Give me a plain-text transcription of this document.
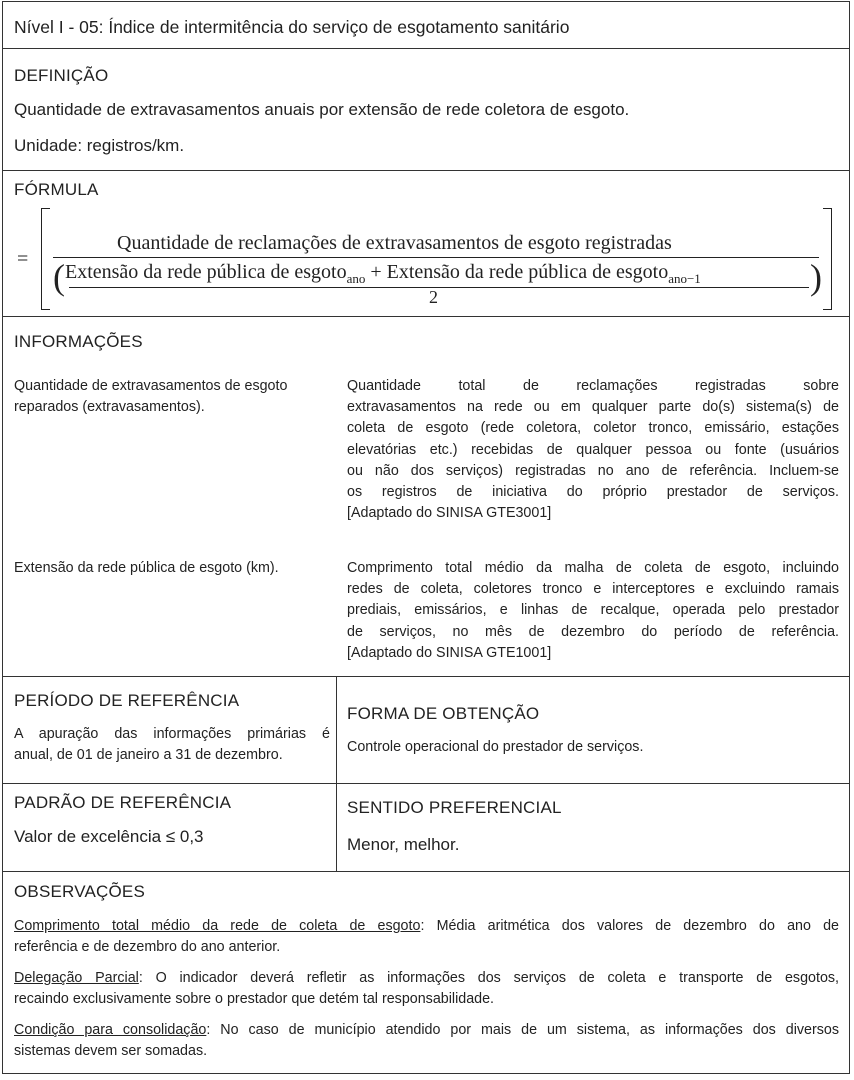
Nível I - 05: Índice de intermitência do serviço de esgotamento sanitário
DEFINIÇÃO
Quantidade de extravasamentos anuais por extensão de rede coletora de esgoto.
Unidade: registros/km.
FÓRMULA
=
Quantidade de reclamações de extravasamentos de esgoto registradas
(	)
Extensão da rede pública de esgoto$_{ano}$ + Extensão da rede pública de esgoto$_{ano-1}$
2
INFORMAÇÕES
Quantidade de extravasamentos de esgoto
reparados (extravasamentos).
Quantidade total de reclamações registradas sobre
extravasamentos na rede ou em qualquer parte do(s) sistema(s) de
coleta de esgoto (rede coletora, coletor tronco, emissário, estações
elevatórias etc.) recebidas de qualquer pessoa ou fonte (usuários
ou não dos serviços) registradas no ano de referência. Incluem-se
os registros de iniciativa do próprio prestador de serviços.
[Adaptado do SINISA GTE3001]
Extensão da rede pública de esgoto (km).	Comprimento total médio da malha de coleta de esgoto, incluindo
redes de coleta, coletores tronco e interceptores e excluindo ramais
prediais, emissários, e linhas de recalque, operada pelo prestador
de serviços, no mês de dezembro do período de referência.
[Adaptado do SINISA GTE1001]
PERÍODO DE REFERÊNCIA
A apuração das informações primárias é
anual, de 01 de janeiro a 31 de dezembro.
FORMA DE OBTENÇÃO
Controle operacional do prestador de serviços.
PADRÃO DE REFERÊNCIA
Valor de excelência ≤ 0,3
SENTIDO PREFERENCIAL
Menor, melhor.
OBSERVAÇÕES
Comprimento total médio da rede de coleta de esgoto: Média aritmética dos valores de dezembro do ano de
referência e de dezembro do ano anterior.
Delegação Parcial: O indicador deverá refletir as informações dos serviços de coleta e transporte de esgotos,
recaindo exclusivamente sobre o prestador que detém tal responsabilidade.
Condição para consolidação: No caso de município atendido por mais de um sistema, as informações dos diversos
sistemas devem ser somadas.
